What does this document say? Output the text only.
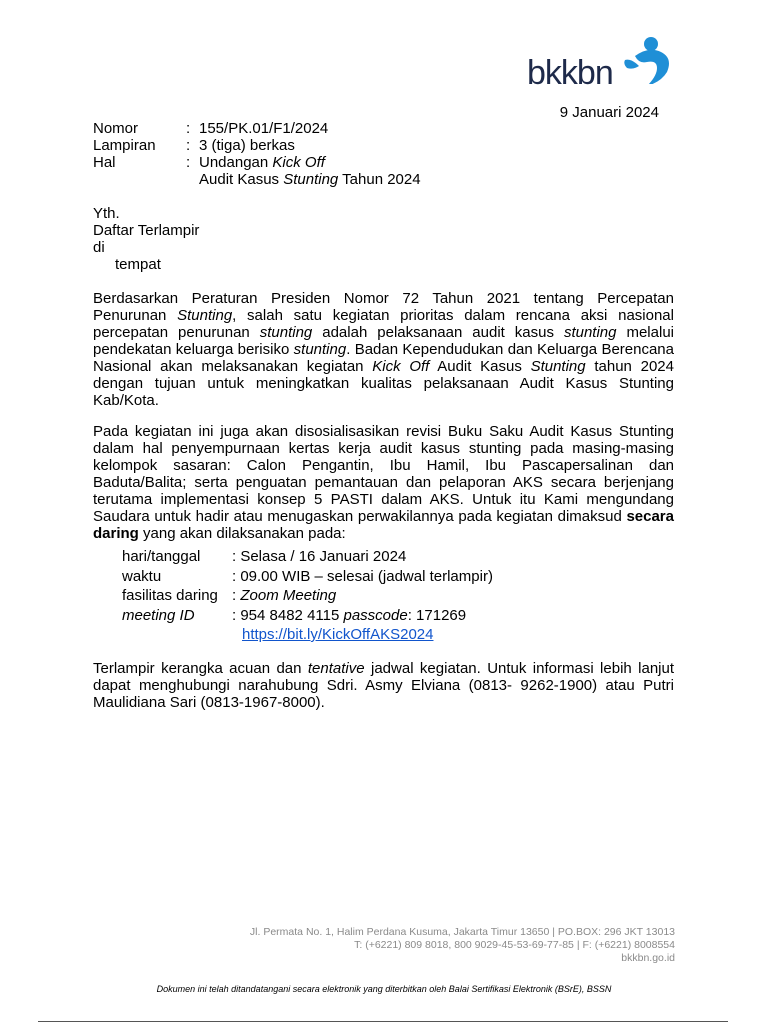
bkkbn
9 Januari 2024
Nomor	: 155/PK.01/F1/2024
Lampiran	: 3 (tiga) berkas
Hal	: Undangan Kick Off
Audit Kasus Stunting Tahun 2024
Yth.
Daftar Terlampir
di
tempat
Berdasarkan Peraturan Presiden Nomor 72 Tahun 2021 tentang Percepatan Penurunan Stunting, salah satu kegiatan prioritas dalam rencana aksi nasional percepatan penurunan stunting adalah pelaksanaan audit kasus stunting melalui pendekatan keluarga berisiko stunting. Badan Kependudukan dan Keluarga Berencana Nasional akan melaksanakan kegiatan Kick Off Audit Kasus Stunting tahun 2024 dengan tujuan untuk meningkatkan kualitas pelaksanaan Audit Kasus Stunting Kab/Kota.
Pada kegiatan ini juga akan disosialisasikan revisi Buku Saku Audit Kasus Stunting dalam hal penyempurnaan kertas kerja audit kasus stunting pada masing-masing kelompok sasaran: Calon Pengantin, Ibu Hamil, Ibu Pascapersalinan dan Baduta/Balita; serta penguatan pemantauan dan pelaporan AKS secara berjenjang terutama implementasi konsep 5 PASTI dalam AKS. Untuk itu Kami mengundang Saudara untuk hadir atau menugaskan perwakilannya pada kegiatan dimaksud secara daring yang akan dilaksanakan pada:
hari/tanggal	: Selasa / 16 Januari 2024
waktu	: 09.00 WIB – selesai (jadwal terlampir)
fasilitas daring : Zoom Meeting
meeting ID	: 954 8482 4115 passcode: 171269
https://bit.ly/KickOffAKS2024
Terlampir kerangka acuan dan tentative jadwal kegiatan. Untuk informasi lebih lanjut dapat menghubungi narahubung Sdri. Asmy Elviana (0813- 9262-1900) atau Putri Maulidiana Sari (0813-1967-8000).
Jl. Permata No. 1, Halim Perdana Kusuma, Jakarta Timur 13650 | PO.BOX: 296 JKT 13013
T: (+6221) 809 8018, 800 9029-45-53-69-77-85 | F: (+6221) 8008554
bkkbn.go.id
Dokumen ini telah ditandatangani secara elektronik yang diterbitkan oleh Balai Sertifikasi Elektronik (BSrE), BSSN
